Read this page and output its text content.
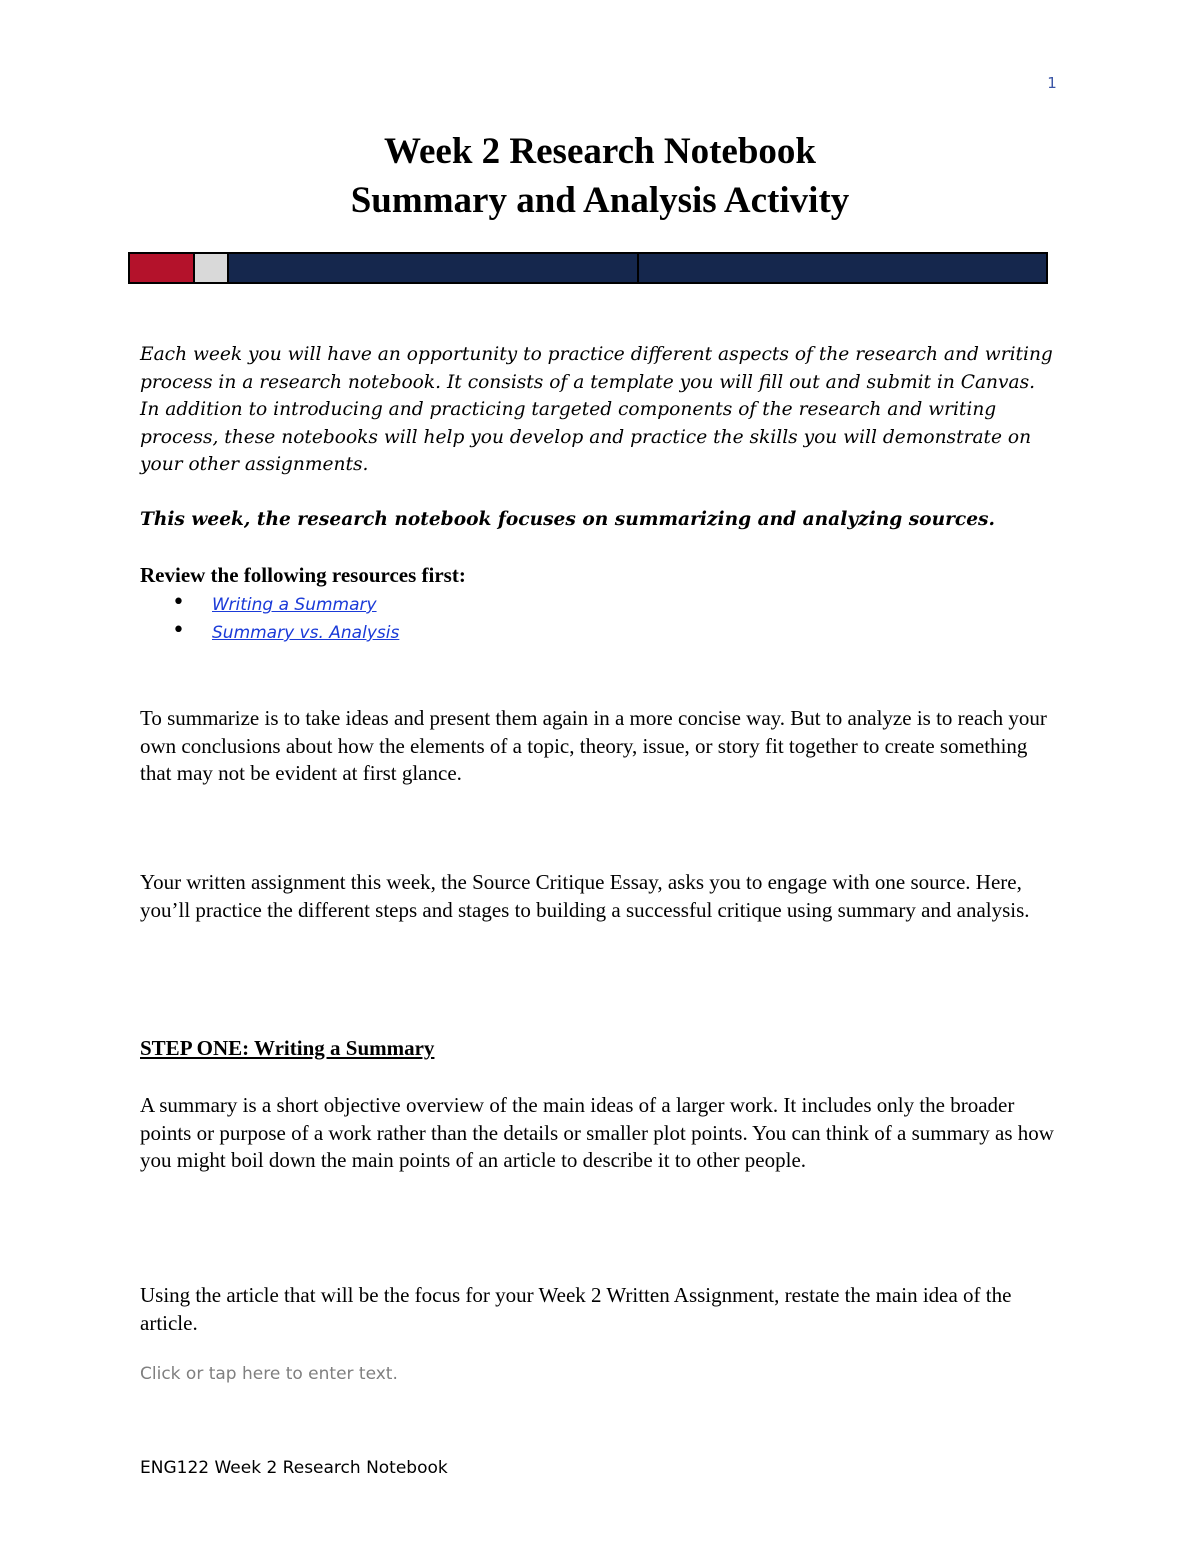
1
Week 2 Research Notebook
Summary and Analysis Activity
Each week you will have an opportunity to practice different aspects of the research and writing process in a research notebook. It consists of a template you will fill out and submit in Canvas. In addition to introducing and practicing targeted components of the research and writing process, these notebooks will help you develop and practice the skills you will demonstrate on your other assignments.
This week, the research notebook focuses on summarizing and analyzing sources.
Review the following resources first:
• Writing a Summary
• Summary vs. Analysis
To summarize is to take ideas and present them again in a more concise way. But to analyze is to reach your own conclusions about how the elements of a topic, theory, issue, or story fit together to create something that may not be evident at first glance.
Your written assignment this week, the Source Critique Essay, asks you to engage with one source. Here, you’ll practice the different steps and stages to building a successful critique using summary and analysis.
STEP ONE: Writing a Summary
A summary is a short objective overview of the main ideas of a larger work. It includes only the broader points or purpose of a work rather than the details or smaller plot points. You can think of a summary as how you might boil down the main points of an article to describe it to other people.
Using the article that will be the focus for your Week 2 Written Assignment, restate the main idea of the article.
Click or tap here to enter text.
ENG122 Week 2 Research Notebook
